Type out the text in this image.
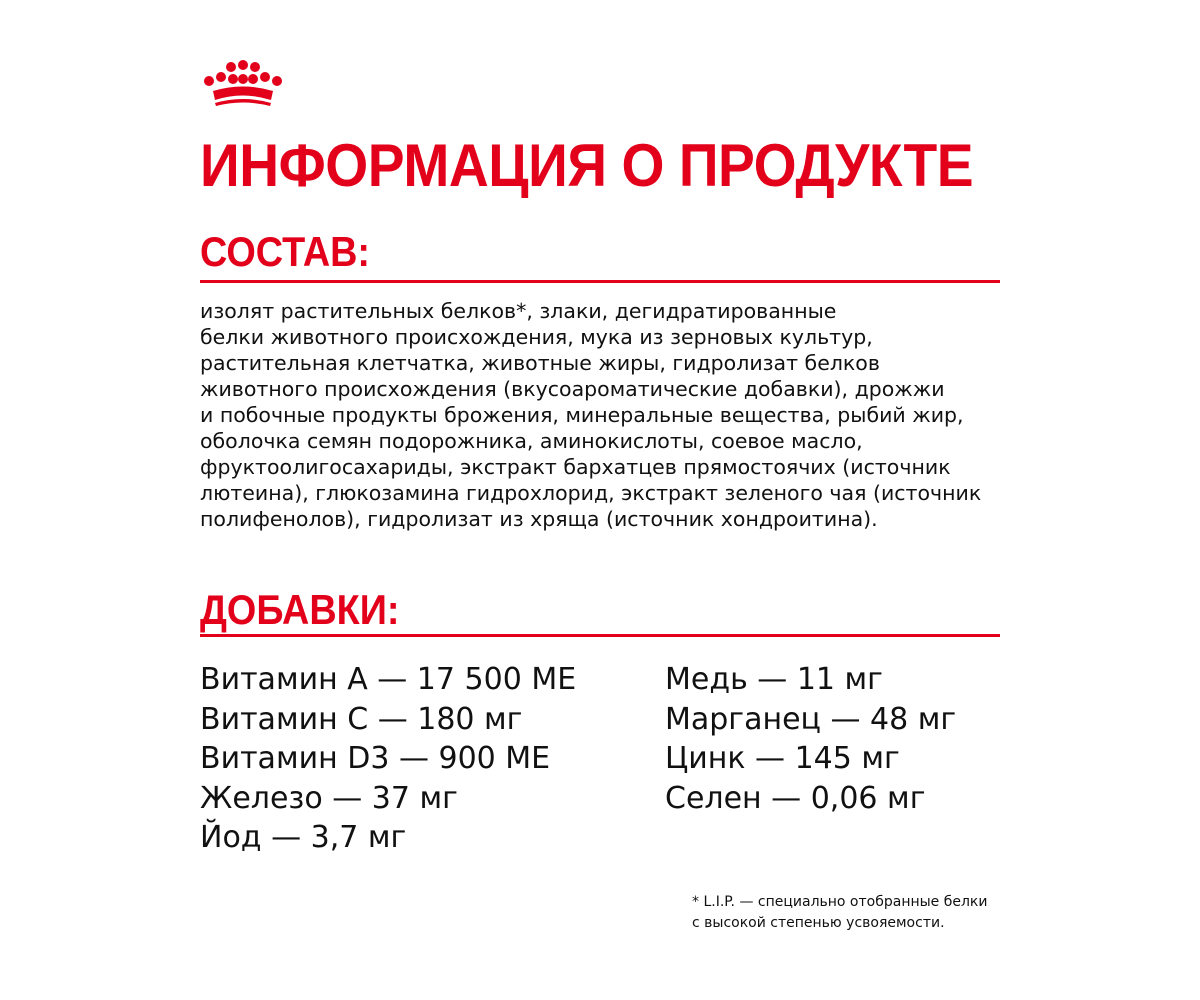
ИНФОРМАЦИЯ О ПРОДУКТЕ
СОСТАВ:

изолят растительных белков*, злаки, дегидратированные
белки животного происхождения, мука из зерновых культур,
растительная клетчатка, животные жиры, гидролизат белков
животного происхождения (вкусоароматические добавки), дрожжи
и побочные продукты брожения, минеральные вещества, рыбий жир,
оболочка семян подорожника, аминокислоты, соевое масло,
фруктоолигосахариды, экстракт бархатцев прямостоячих (источник
лютеина), глюкозамина гидрохлорид, экстракт зеленого чая (источник
полифенолов), гидролизат из хряща (источник хондроитина).

ДОБАВКИ:
Витамин А — 17 500 МЕ
Витамин С — 180 мг
Витамин D3 — 900 МЕ
Железо — 37 мг
Йод — 3,7 мг
Медь — 11 мг
Марганец — 48 мг
Цинк — 145 мг
Селен — 0,06 мг

* L.I.P. — специально отобранные белки
с высокой степенью усвояемости.
